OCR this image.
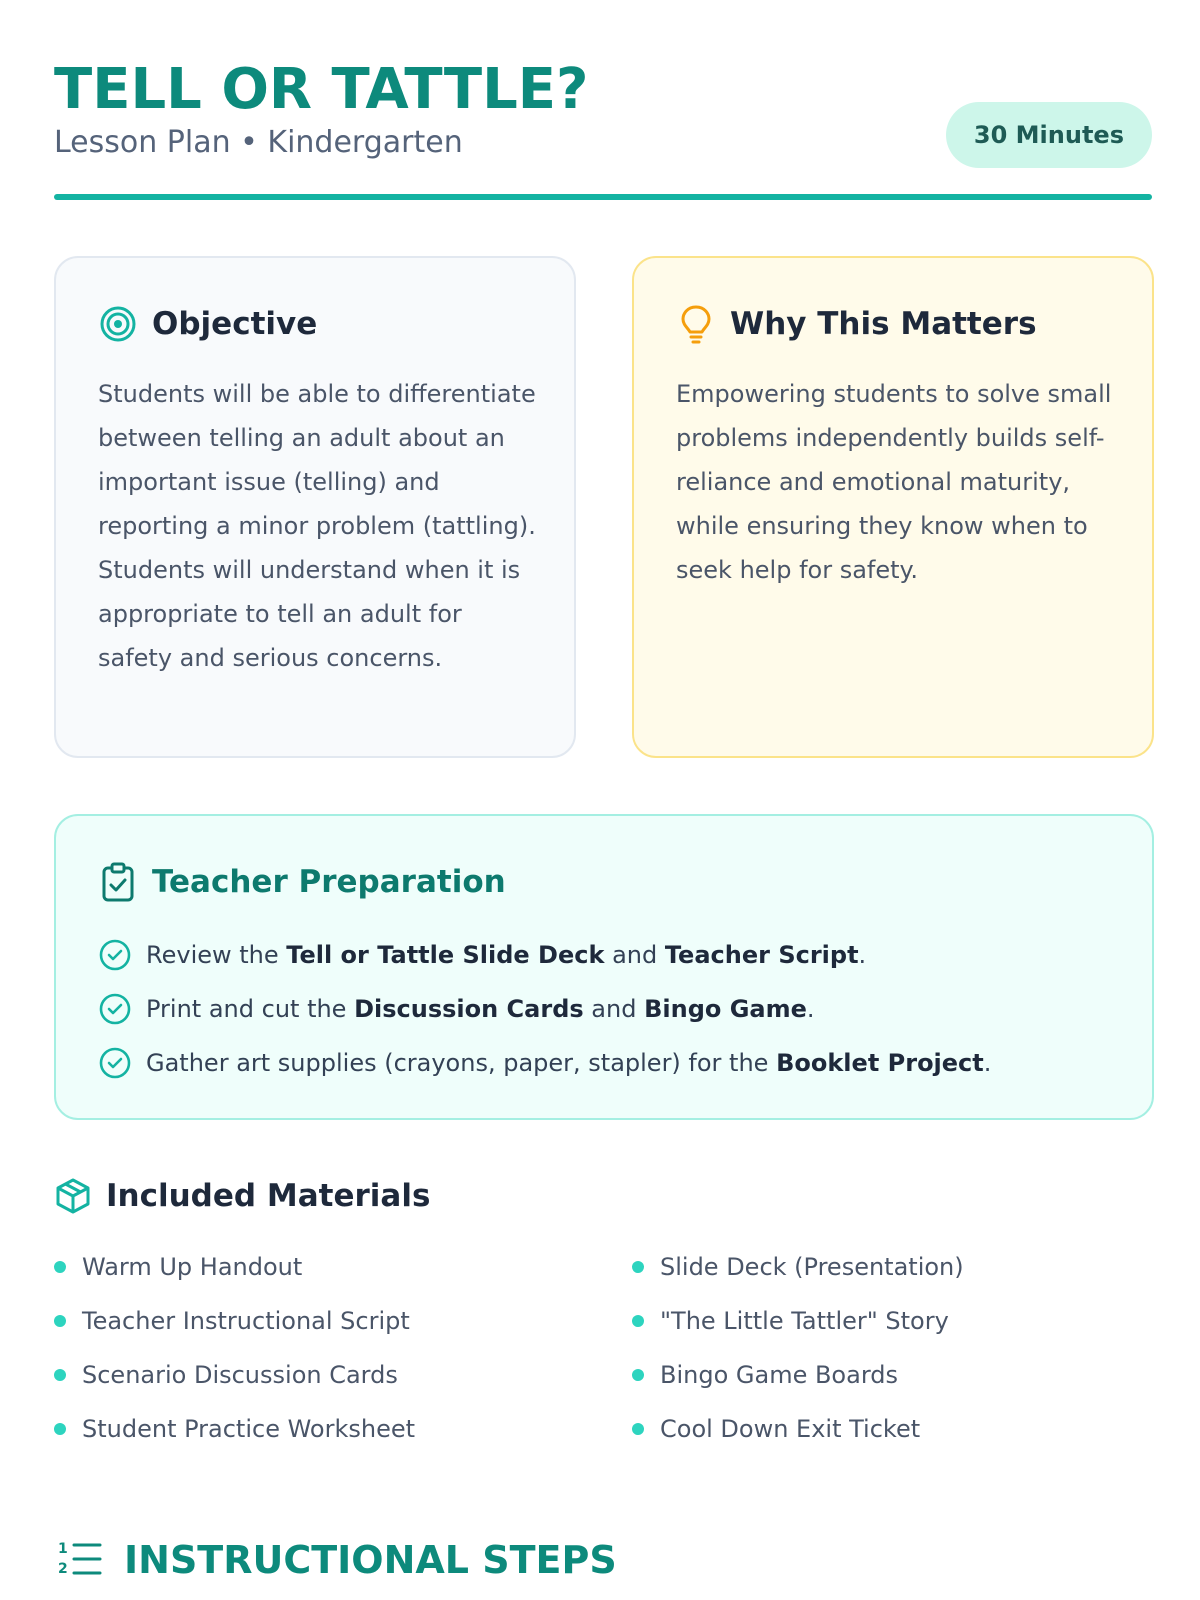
TELL OR TATTLE?
Lesson Plan • Kindergarten	30 Minutes
Objective

Students will be able to differentiate between telling an adult about an important issue (telling) and reporting a minor problem (tattling). Students will understand when it is appropriate to tell an adult for safety and serious concerns.

Why This Matters

Empowering students to solve small problems independently builds self-reliance and emotional maturity, while ensuring they know when to seek help for safety.

Teacher Preparation
Review the Tell or Tattle Slide Deck and Teacher Script.
Print and cut the Discussion Cards and Bingo Game.
Gather art supplies (crayons, paper, stapler) for the Booklet Project.
Included Materials
Warm Up Handout
Teacher Instructional Script
Scenario Discussion Cards
Student Practice Worksheet
Slide Deck (Presentation)
"The Little Tattler" Story
Bingo Game Boards
Cool Down Exit Ticket
1
2 INSTRUCTIONAL STEPS
